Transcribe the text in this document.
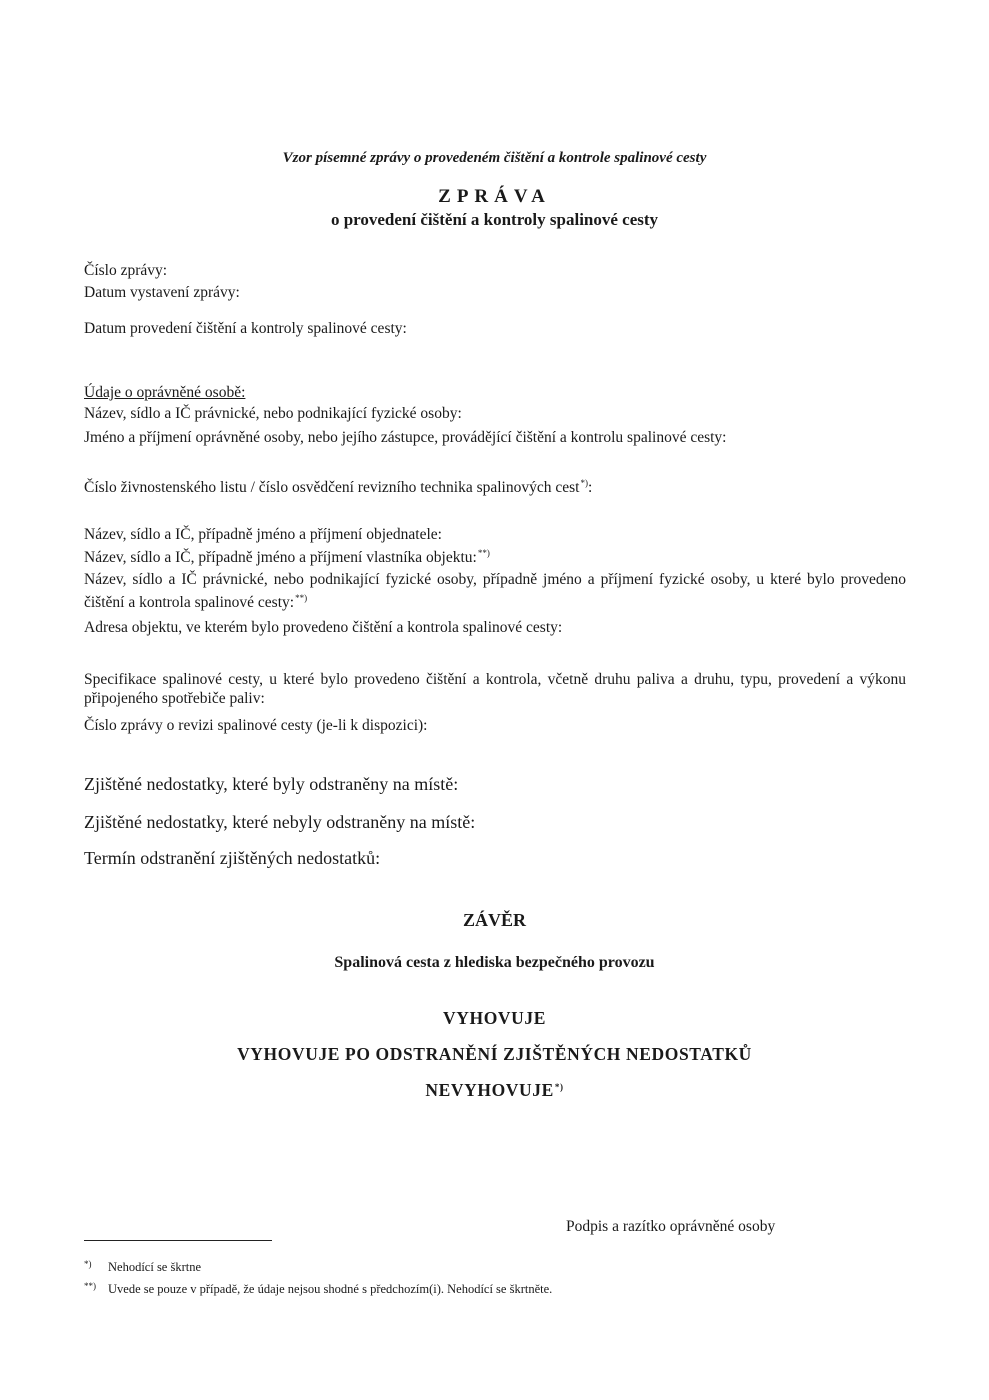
Vzor písemné zprávy o provedeném čištění a kontrole spalinové cesty
ZPRÁVA
o provedení čištění a kontroly spalinové cesty
Číslo zprávy:
Datum vystavení zprávy:
Datum provedení čištění a kontroly spalinové cesty:
Údaje o oprávněné osobě:
Název, sídlo a IČ právnické, nebo podnikající fyzické osoby:
Jméno a příjmení oprávněné osoby, nebo jejího zástupce, provádějící čištění a kontrolu spalinové cesty:
Číslo živnostenského listu / číslo osvědčení revizního technika spalinových cest*):
Název, sídlo a IČ, případně jméno a příjmení objednatele:
Název, sídlo a IČ, případně jméno a příjmení vlastníka objektu:**)
Název, sídlo a IČ právnické, nebo podnikající fyzické osoby, případně jméno a příjmení fyzické osoby, u které bylo provedeno čištění a kontrola spalinové cesty:**)
Adresa objektu, ve kterém bylo provedeno čištění a kontrola spalinové cesty:
Specifikace spalinové cesty, u které bylo provedeno čištění a kontrola, včetně druhu paliva a druhu, typu, provedení a výkonu připojeného spotřebiče paliv:
Číslo zprávy o revizi spalinové cesty (je-li k dispozici):
Zjištěné nedostatky, které byly odstraněny na místě:
Zjištěné nedostatky, které nebyly odstraněny na místě:
Termín odstranění zjištěných nedostatků:
ZÁVĚR
Spalinová cesta z hlediska bezpečného provozu
VYHOVUJE
VYHOVUJE PO ODSTRANĚNÍ ZJIŠTĚNÝCH NEDOSTATKŮ
NEVYHOVUJE*)
Podpis a razítko oprávněné osoby
*) Nehodící se škrtne
**) Uvede se pouze v případě, že údaje nejsou shodné s předchozím(i). Nehodící se škrtněte.
